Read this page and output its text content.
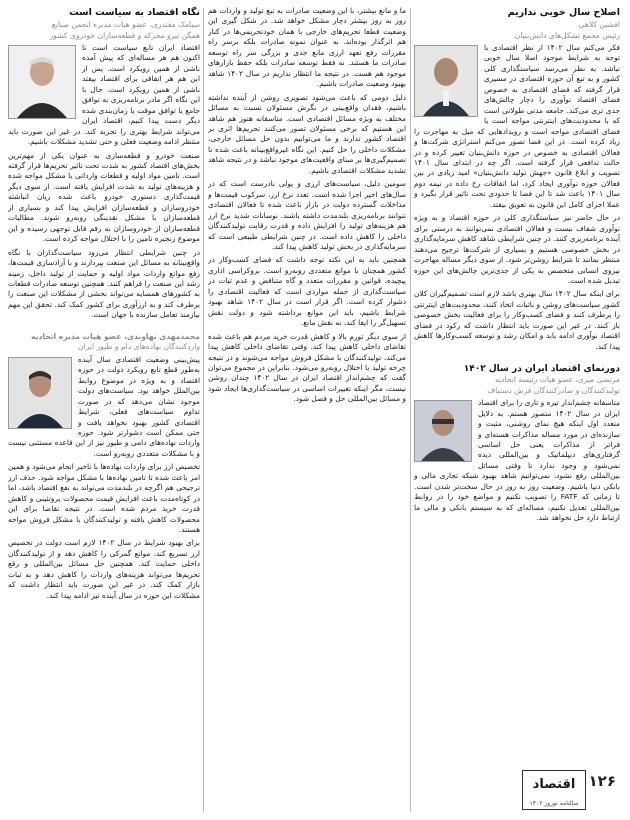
اصلاح سال خوبی نداریم
افشین کلاهی
رئیس مجمع تشکل‌های دانش‌بنیان

فکر می‌کنم سال ۱۴۰۲ از نظر اقتصادی با توجه به شرایط موجود اصلا سال خوبی نباشد. به نظر می‌رسد سیاستگذاری کلی کشور و به تبع آن حوزه اقتصادی در مسیری قرار گرفته که فضای اقتصادی به خصوص فضای اقتصاد نوآوری را دچار چالش‌های جدی تری می‌کند. جامعه مدتی طولانی است که با محدودیت‌های اینترنتی مواجه است یا فضای اقتصادی مواجه است و رویدادهایی که میل به مهاجرت را زیاد کرده است. در این فضا تصور می‌کنم استراتژی شرکت‌ها و فعالان اقتصادی به خصوص در حوزه دانش‌بنیان تغییر کرده و در حالت تدافعی قرار گرفته است. اگر چه در ابتدای سال ۱۴۰۱ تصویب و ابلاغ قانون «جهش تولید دانش‌بنیان» امید زیادی در بین فعالان حوزه نوآوری ایجاد کرد، اما اتفاقات رخ داده در نیمه دوم سال ۱۴۰۱ باعث شد تا این فضا تا حدودی تحت تاثیر قرار بگیرد و عملا اجرای کامل این قانون به تعویق بیفتد.

در حال حاضر نیز سیاستگذاری کلی در حوزه اقتصاد و به ویژه نوآوری شفاف نیست و فعالان اقتصادی نمی‌توانند به درستی برای آینده برنامه‌ریزی کنند. در چنین شرایطی شاهد کاهش سرمایه‌گذاری در بخش خصوصی هستیم و بسیاری از شرکت‌ها ترجیح می‌دهند منتظر بمانند تا شرایط روشن‌تر شود. از سوی دیگر مساله مهاجرت نیروی انسانی متخصص به یکی از جدی‌ترین چالش‌های این حوزه تبدیل شده است.

برای اینکه سال ۱۴۰۲ سال بهتری باشد لازم است تصمیم‌گیران کلان کشور سیاست‌های روشن و باثبات اتخاذ کنند، محدودیت‌های اینترنتی را برطرف کنند و فضای کسب‌وکار را برای فعالیت بخش خصوصی باز کنند. در غیر این صورت باید انتظار داشت که رکود در فضای اقتصاد نوآوری ادامه یابد و امکان رشد و توسعه کسب‌وکارها کاهش پیدا کند.

دورنمای اقتصاد ایران در سال ۱۴۰۲
مرتضی میری، عضو هیات رئیسه اتحادیه
تولیدکنندگان و صادرکنندگان فرش دستباف

متاسفانه چشم‌انداز تیره و تاری را برای اقتصاد ایران در سال ۱۴۰۲ متصور هستم. به دلایل متعدد اول اینکه هیچ نمای روشنی، مثبت و سازنده‌ای در مورد مساله مذاکرات هسته‌ای و فراتر از مذاکرات یعنی حل اساسی گرفتاری‌های دیپلماتیک و بین‌المللی دیده نمی‌شود و وجود ندارد تا وقتی مسائل بین‌المللی رفع نشود، نمی‌توانیم شاهد بهبود شبکه تجاری مالی و بانکی دنیا باشیم. وضعیت روز به روز در حال سخت‌تر شدن است. تا زمانی که FATF را تصویب نکنیم و مواضع خود را در روابط بین‌المللی تعدیل نکنیم، مساله‌ای که به سیستم بانکی و مالی ما ارتباط دارد حل نخواهد شد.

ما و مانع بیشتر، با این وضعیت صادرات به تبع تولید و واردات هم روز به روز بیشتر دچار مشکل خواهد شد. در شکل گیری این وضعیت قطعا تحریم‌های خارجی با همان خودتحریمی‌ها در کنار هم اثرگذار بوده‌اند. به عنوان نمونه صادرات بلکه برسر راه مقررات رفع تعهد ارزی مانع جدی و بزرگی سر راه توسعه صادرات ما هستند. نه فقط توسعه صادرات بلکه حفظ بازارهای موجود هم هست. در نتیجه ما انتظار نداریم در سال ۱۴۰۲ شاهد بهبود وضعیت صادرات باشیم.

دلیل دومی که باعث می‌شود تصویری روشن از آینده نداشته باشیم، فقدان واقع‌بینی در نگرش مسئولان نسبت به مسائل مختلف به ویژه مسائل اقتصادی است. متاسفانه هنوز هم شاهد این هستیم که برخی مسئولان تصور می‌کنند تحریم‌ها اثری بر اقتصاد کشور ندارند و ما می‌توانیم بدون حل مسائل خارجی، مشکلات داخلی را حل کنیم. این نگاه غیرواقع‌بینانه باعث شده تا تصمیم‌گیری‌ها بر مبنای واقعیت‌های موجود نباشد و در نتیجه شاهد تشدید مشکلات اقتصادی باشیم.

سومین دلیل، سیاست‌های ارزی و پولی نادرست است که در سال‌های اخیر اجرا شده است. تعدد نرخ ارز، سرکوب قیمت‌ها و مداخلات گسترده دولت در بازار باعث شده تا فعالان اقتصادی نتوانند برنامه‌ریزی بلندمدت داشته باشند. نوسانات شدید نرخ ارز هم هزینه‌های تولید را افزایش داده و قدرت رقابت تولیدکنندگان داخلی را کاهش داده است. در چنین شرایطی طبیعی است که سرمایه‌گذاری در بخش تولید کاهش پیدا کند.

همچنین باید به این نکته توجه داشت که فضای کسب‌وکار در کشور همچنان با موانع متعددی روبه‌رو است. بروکراسی اداری پیچیده، قوانین و مقررات متعدد و گاه متناقض و عدم ثبات در سیاست‌گذاری از جمله مواردی است که فعالیت اقتصادی را دشوار کرده است. اگر قرار است در سال ۱۴۰۲ شاهد بهبود شرایط باشیم، باید این موانع برداشته شود و دولت نقش تسهیل‌گر را ایفا کند، نه نقش مانع.

از سوی دیگر تورم بالا و کاهش قدرت خرید مردم هم باعث شده تقاضای داخلی کاهش پیدا کند. وقتی تقاضای داخلی کاهش پیدا می‌کند، تولیدکنندگان با مشکل فروش مواجه می‌شوند و در نتیجه چرخه تولید با اختلال روبه‌رو می‌شود. بنابراین در مجموع می‌توان گفت که چشم‌انداز اقتصاد ایران در سال ۱۴۰۲ چندان روشن نیست، مگر اینکه تغییرات اساسی در سیاست‌گذاری‌ها ایجاد شود و مسائل بین‌المللی حل و فصل شود.

نگاه اقتصاد به سیاست است
سیامک مقتدری، عضو هیات مدیره انجمن صنایع
همگن نیرو محرکه و قطعه‌سازان خودروی کشور

اقتصاد ایران تابع سیاست است تا اکنون هم هر مساله‌ای که پیش آمده ناشی از همین رویکرد است. پس از این هم هر اتفاقی برای اقتصاد بیفتد ناشی از همین رویکرد است. حال با این نگاه اگر مادر برنامه‌ریزی به توافق جامع یا توافق موقت یا زمان‌بندی شده دیگر دست پیدا کنیم، اقتصاد ایران می‌تواند شرایط بهتری را تجربه کند. در غیر این صورت باید منتظر ادامه وضعیت فعلی و حتی تشدید مشکلات باشیم.

صنعت خودرو و قطعه‌سازی به عنوان یکی از مهم‌ترین بخش‌های اقتصاد کشور به شدت تحت تاثیر تحریم‌ها قرار گرفته است. تامین مواد اولیه و قطعات وارداتی با مشکل مواجه شده و هزینه‌های تولید به شدت افزایش یافته است. از سوی دیگر قیمت‌گذاری دستوری خودرو باعث شده زیان انباشته خودروسازان و قطعه‌سازان افزایش پیدا کند و بسیاری از قطعه‌سازان با مشکل نقدینگی روبه‌رو شوند. مطالبات قطعه‌سازان از خودروسازان به رقم قابل توجهی رسیده و این موضوع زنجیره تامین را با اختلال مواجه کرده است.

در چنین شرایطی انتظار می‌رود سیاست‌گذاران با نگاه واقع‌بینانه به مسائل این صنعت بپردازند و با آزادسازی قیمت‌ها، رفع موانع واردات مواد اولیه و حمایت از تولید داخل، زمینه رشد این صنعت را فراهم کنند. همچنین توسعه صادرات قطعات به کشورهای همسایه می‌تواند بخشی از مشکلات این صنعت را برطرف کند و به ارزآوری برای کشور کمک کند. تحقق این مهم نیازمند تعامل سازنده با جهان است.

محمدمهدی نهاوندی، عضو هیات مدیره اتحادیه
واردکنندگان نهاده‌های دام و طیور ایران

پیش‌بینی وضعیت اقتصادی سال آینده به‌طور قطع تابع رویکرد دولت در حوزه اقتصاد و به ویژه در موضوع روابط بین‌الملل خواهد بود. سیاست‌های دولت موجود نشان می‌دهد که در صورت تداوم سیاست‌های فعلی، شرایط اقتصادی کشور بهبود نخواهد یافت و حتی ممکن است دشوارتر شود. حوزه واردات نهاده‌های دامی و طیور نیز از این قاعده مستثنی نیست و با مشکلات متعددی روبه‌رو است.

تخصیص ارز برای واردات نهاده‌ها با تاخیر انجام می‌شود و همین امر باعث شده تا تامین نهاده‌ها با مشکل مواجه شود. حذف ارز ترجیحی هم اگرچه در بلندمدت می‌تواند به نفع اقتصاد باشد، اما در کوتاه‌مدت باعث افزایش قیمت محصولات پروتئینی و کاهش قدرت خرید مردم شده است. در نتیجه تقاضا برای این محصولات کاهش یافته و تولیدکنندگان با مشکل فروش مواجه هستند.

برای بهبود شرایط در سال ۱۴۰۲ لازم است دولت در تخصیص ارز تسریع کند، موانع گمرکی را کاهش دهد و از تولیدکنندگان داخلی حمایت کند. همچنین حل مسائل بین‌المللی و رفع تحریم‌ها می‌تواند هزینه‌های واردات را کاهش دهد و به ثبات بازار کمک کند. در غیر این صورت باید انتظار داشت که مشکلات این حوزه در سال آینده نیز ادامه پیدا کند.

۱۲۶
اقتصاد
سالنامه نوروز ۱۴۰۲
